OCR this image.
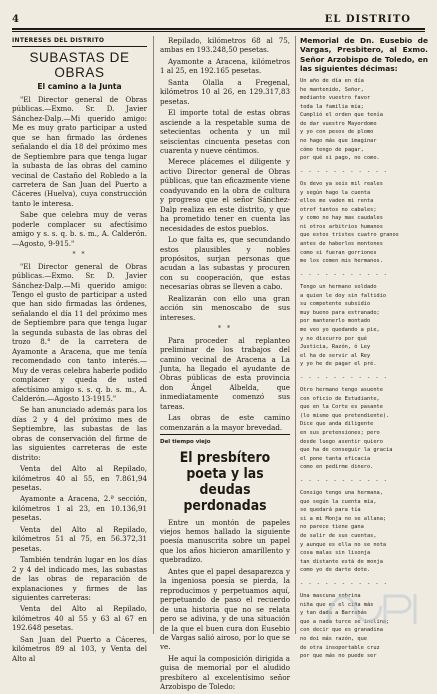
4	EL DISTRITO
INTERESES DEL DISTRITO
SUBASTAS DE OBRAS
El camino a la Junta

"El Director general de Obras públicas.—Exmo. Sr. D. Javier Sánchez-Dalp.—Mi querido amigo: Me es muy grato participar a usted que se han firmado las órdenes señalando el día 18 del próximo mes de Septiembre para que tenga lugar la subasta de las obras del camino vecinal de Castaño del Robledo a la carretera de San Juan del Puerto a Cáceres (Huelva), cuya construcción tanto le interesa.

Sabe que celebra muy de veras poderle complacer su afectísimo amigo y s. s. q. b. s. m., A. Calderón.—Agosto, 9-915."

* *

"El Director general de Obras públicas.—Exmo. Sr. D. Javier Sánchez-Dalp.—Mi querido amigo: Tengo el gusto de participar a usted que han sido firmadas las órdenes, señalando el día 11 del próximo mes de Septiembre para que tenga lugar la segunda subasta de las obras del trozo 8.° de la carretera de Ayamonte a Aracena, que me tenía recomendado con tanto interés.—Muy de veras celebra haberle podido complacer y queda de usted afectísimo amigo s. s. q. b. s. m., A. Calderón.—Agosto 13-1915."

Se han anunciado además para los días 2 y 4 del próximo mes de Septiembre, las subastas de las obras de conservación del firme de las siguientes carreteras de este distrito:

Venta del Alto al Repilado, kilómetros 40 al 55, en 7.861,94 pesetas.

Ayamonte a Aracena, 2.ª sección, kilómetros 1 al 23, en 10.136,91 pesetas.

Venta del Alto al Repilado, kilómetros 51 al 75, en 56.372,31 pesetas.

También tendrán lugar en los días 2 y 4 del indicado mes, las subastas de las obras de reparación de explanaciones y firmes de las siguientes carreteras:

Venta del Alto al Repilado, kilómetros 40 al 55 y 63 al 67 en 192.648 pesetas.

San Juan del Puerto a Cáceres, kilómetros 89 al 103, y Venta del Alto al

Repilado, kilómetros 68 al 75, ambas en 193.248,50 pesetas.

Ayamonte a Aracena, kilómetros 1 al 25, en 192.165 pesetas.

Santa Olalla a Fregenal, kilómetros 10 al 26, en 129.317,83 pesetas.

El importe total de estas obras asciende a la respetable suma de setecientas ochenta y un mil seiscientas cincuenta pesetas con cuarenta y nueve céntimos.

Merece plácemes el diligente y activo Director general de Obras públicas, que tan eficazmente viene coadyuvando en la obra de cultura y progreso que el señor Sánchez-Dalp realiza en este distrito, y que ha prometido tener en cuenta las necesidades de estos pueblos.

Lo que falta es, que secundando estos plausibles y nobles propósitos, surjan personas que acudan a las subastas y procuren con su cooperación, que estas necesarias obras se lleven a cabo.

Realizarán con ello una gran acción sin menoscabo de sus intereses.

* *

Para proceder al replanteo preliminar de los trabajos del camino vecinal de Aracena a La Junta, ha llegado el ayudante de Obras públicas de esta provincia don Ángel Albelda, que inmediatamente comenzó sus tareas.

Las obras de este camino comenzarán a la mayor brevedad.

Del tiempo viejo
El presbítero poeta y las deudas perdonadas

Entre un montón de papeles viejos hemos hallado la siguiente poesía manuscrita sobre un papel que los años hicieron amarillento y quebradizo.

Antes que el papel desaparezca y la ingeniosa poesía se pierda, la reproducimos y perpetuamos aquí, perpetuando de paso el recuerdo de una historia que no se relata pero se adivina, y de una situación de la que el buen cura don Eusebio de Vargas salió airoso, por lo que se ve.

He aquí la composición dirigida a guisa de memorial por el aludido presbítero al excelentísimo señor Arzobispo de Toledo:

Memorial de Dn. Eusebio de Vargas, Presbitero, al Exmo. Señor Arzobispo de Toledo, en las siguientes décimas:

Un año de día en día
he mantenido, Señor,
mediante vuestro favor
toda la familia mía;
Cumplió el orden que tenía
de dar vuestro Mayordomo
y yo con pesos de plomo
no hago más que imaginar
cómo tengo de pagar,
por qué si pago, no como.

- - - - - - - - - - -

Os devo ya seis mil reales
y según hago la cuenta
ellos me vaden mi renta
otrof tantos no cabales;
y como no hay mas caudales
ni otros arbitrios humanos
que estos tristes cuatro granos
antes de haberlos montones
como si fueran gorriones
me los comen mis hermanos.

- - - - - - - - - - -

Tengo un hermano soldado
a quien le doy sin faltidio
su competente subsidio
muy bueno para estranado;
por mantenerlo montado
me veo yo quedando a pie,
y no discurro por qué
Justicia, Razón, ó Ley
el ha de servir al Rey
y yo he de pagar el pré.

- - - - - - - - - - -

Otro hermano tengo asuente
con oficio de Estudiante,
que en la Corte es pasante
(lo mismo que pretendiente).
Dice que anda diligente
en sus pretensiones; pero
desde luego asentir quiero
que ha de conseguir la gracia
el pone tanta eficacia
como en pedirme dinero.

- - - - - - - - - - -

Consigo tengo una hermana,
que según la cuenta mía,
se quedará para tía
si a mi Monja no se allana;
no parece tiene gana
de salir de sus cuentas,
y aunque es ella no se nota
cosa malas sin lisonja
tan distante está de monja
como yo de darte dote.

- - - - - - - - - - -

Una mascuna sobrina
niña que es el ciña más
y tan dada a Barrabás
que a nada turce se inclina;
con decir que es granadina
no doi más razón, que
de otra insoportable cruz
por que más no puede ser
